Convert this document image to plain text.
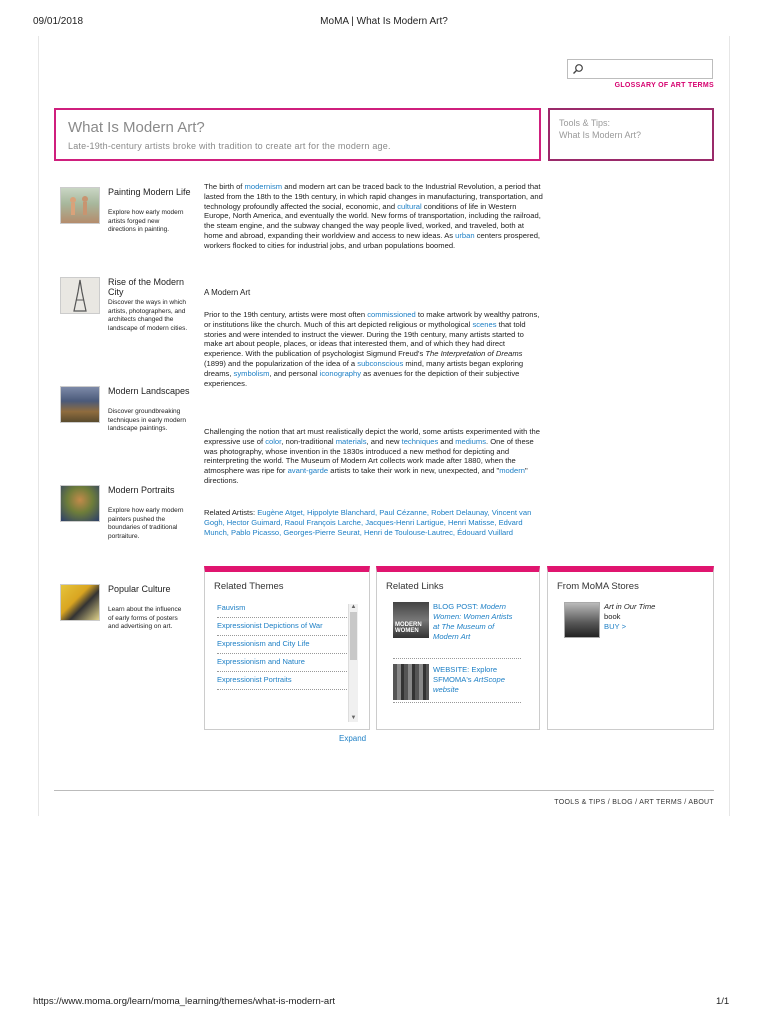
09/01/2018	MoMA | What Is Modern Art?
GLOSSARY OF ART TERMS
What Is Modern Art?

Late-19th-century artists broke with tradition to create art for the modern age.

Tools & Tips:
What Is Modern Art?
Painting Modern Life
Explore how early modern artists forged new directions in painting.
Rise of the Modern City
Discover the ways in which artists, photographers, and architects changed the landscape of modern cities.
Modern Landscapes
Discover groundbreaking techniques in early modern landscape paintings.
Modern Portraits
Explore how early modern painters pushed the boundaries of traditional portraiture.
Popular Culture
Learn about the influence of early forms of posters and advertising on art.

The birth of modernism and modern art can be traced back to the Industrial Revolution, a period that lasted from the 18th to the 19th century, in which rapid changes in manufacturing, transportation, and technology profoundly affected the social, economic, and cultural conditions of life in Western Europe, North America, and eventually the world. New forms of transportation, including the railroad, the steam engine, and the subway changed the way people lived, worked, and traveled, both at home and abroad, expanding their worldview and access to new ideas. As urban centers prospered, workers flocked to cities for industrial jobs, and urban populations boomed.

A Modern Art

Prior to the 19th century, artists were most often commissioned to make artwork by wealthy patrons, or institutions like the church. Much of this art depicted religious or mythological scenes that told stories and were intended to instruct the viewer. During the 19th century, many artists started to make art about people, places, or ideas that interested them, and of which they had direct experience. With the publication of psychologist Sigmund Freud's The Interpretation of Dreams (1899) and the popularization of the idea of a subconscious mind, many artists began exploring dreams, symbolism, and personal iconography as avenues for the depiction of their subjective experiences.

Challenging the notion that art must realistically depict the world, some artists experimented with the expressive use of color, non-traditional materials, and new techniques and mediums. One of these was photography, whose invention in the 1830s introduced a new method for depicting and reinterpreting the world. The Museum of Modern Art collects work made after 1880, when the atmosphere was ripe for avant-garde artists to take their work in new, unexpected, and "modern" directions.

Related Artists: Eugène Atget, Hippolyte Blanchard, Paul Cézanne, Robert Delaunay, Vincent van Gogh, Hector Guimard, Raoul François Larche, Jacques-Henri Lartigue, Henri Matisse, Edvard Munch, Pablo Picasso, Georges-Pierre Seurat, Henri de Toulouse-Lautrec, Édouard Vuillard

Related Themes
Fauvism
Expressionist Depictions of War
Expressionism and City Life
Expressionism and Nature
Expressionist Portraits
▲
▼
Related Links
MODERN WOMEN
BLOG POST: Modern Women: Women Artists at The Museum of Modern Art
WEBSITE: Explore SFMOMA's ArtScope website
From MoMA Stores
Art in Our Time
book
BUY >
Expand
TOOLS & TIPS / BLOG / ART TERMS / ABOUT
https://www.moma.org/learn/moma_learning/themes/what-is-modern-art	1/1
